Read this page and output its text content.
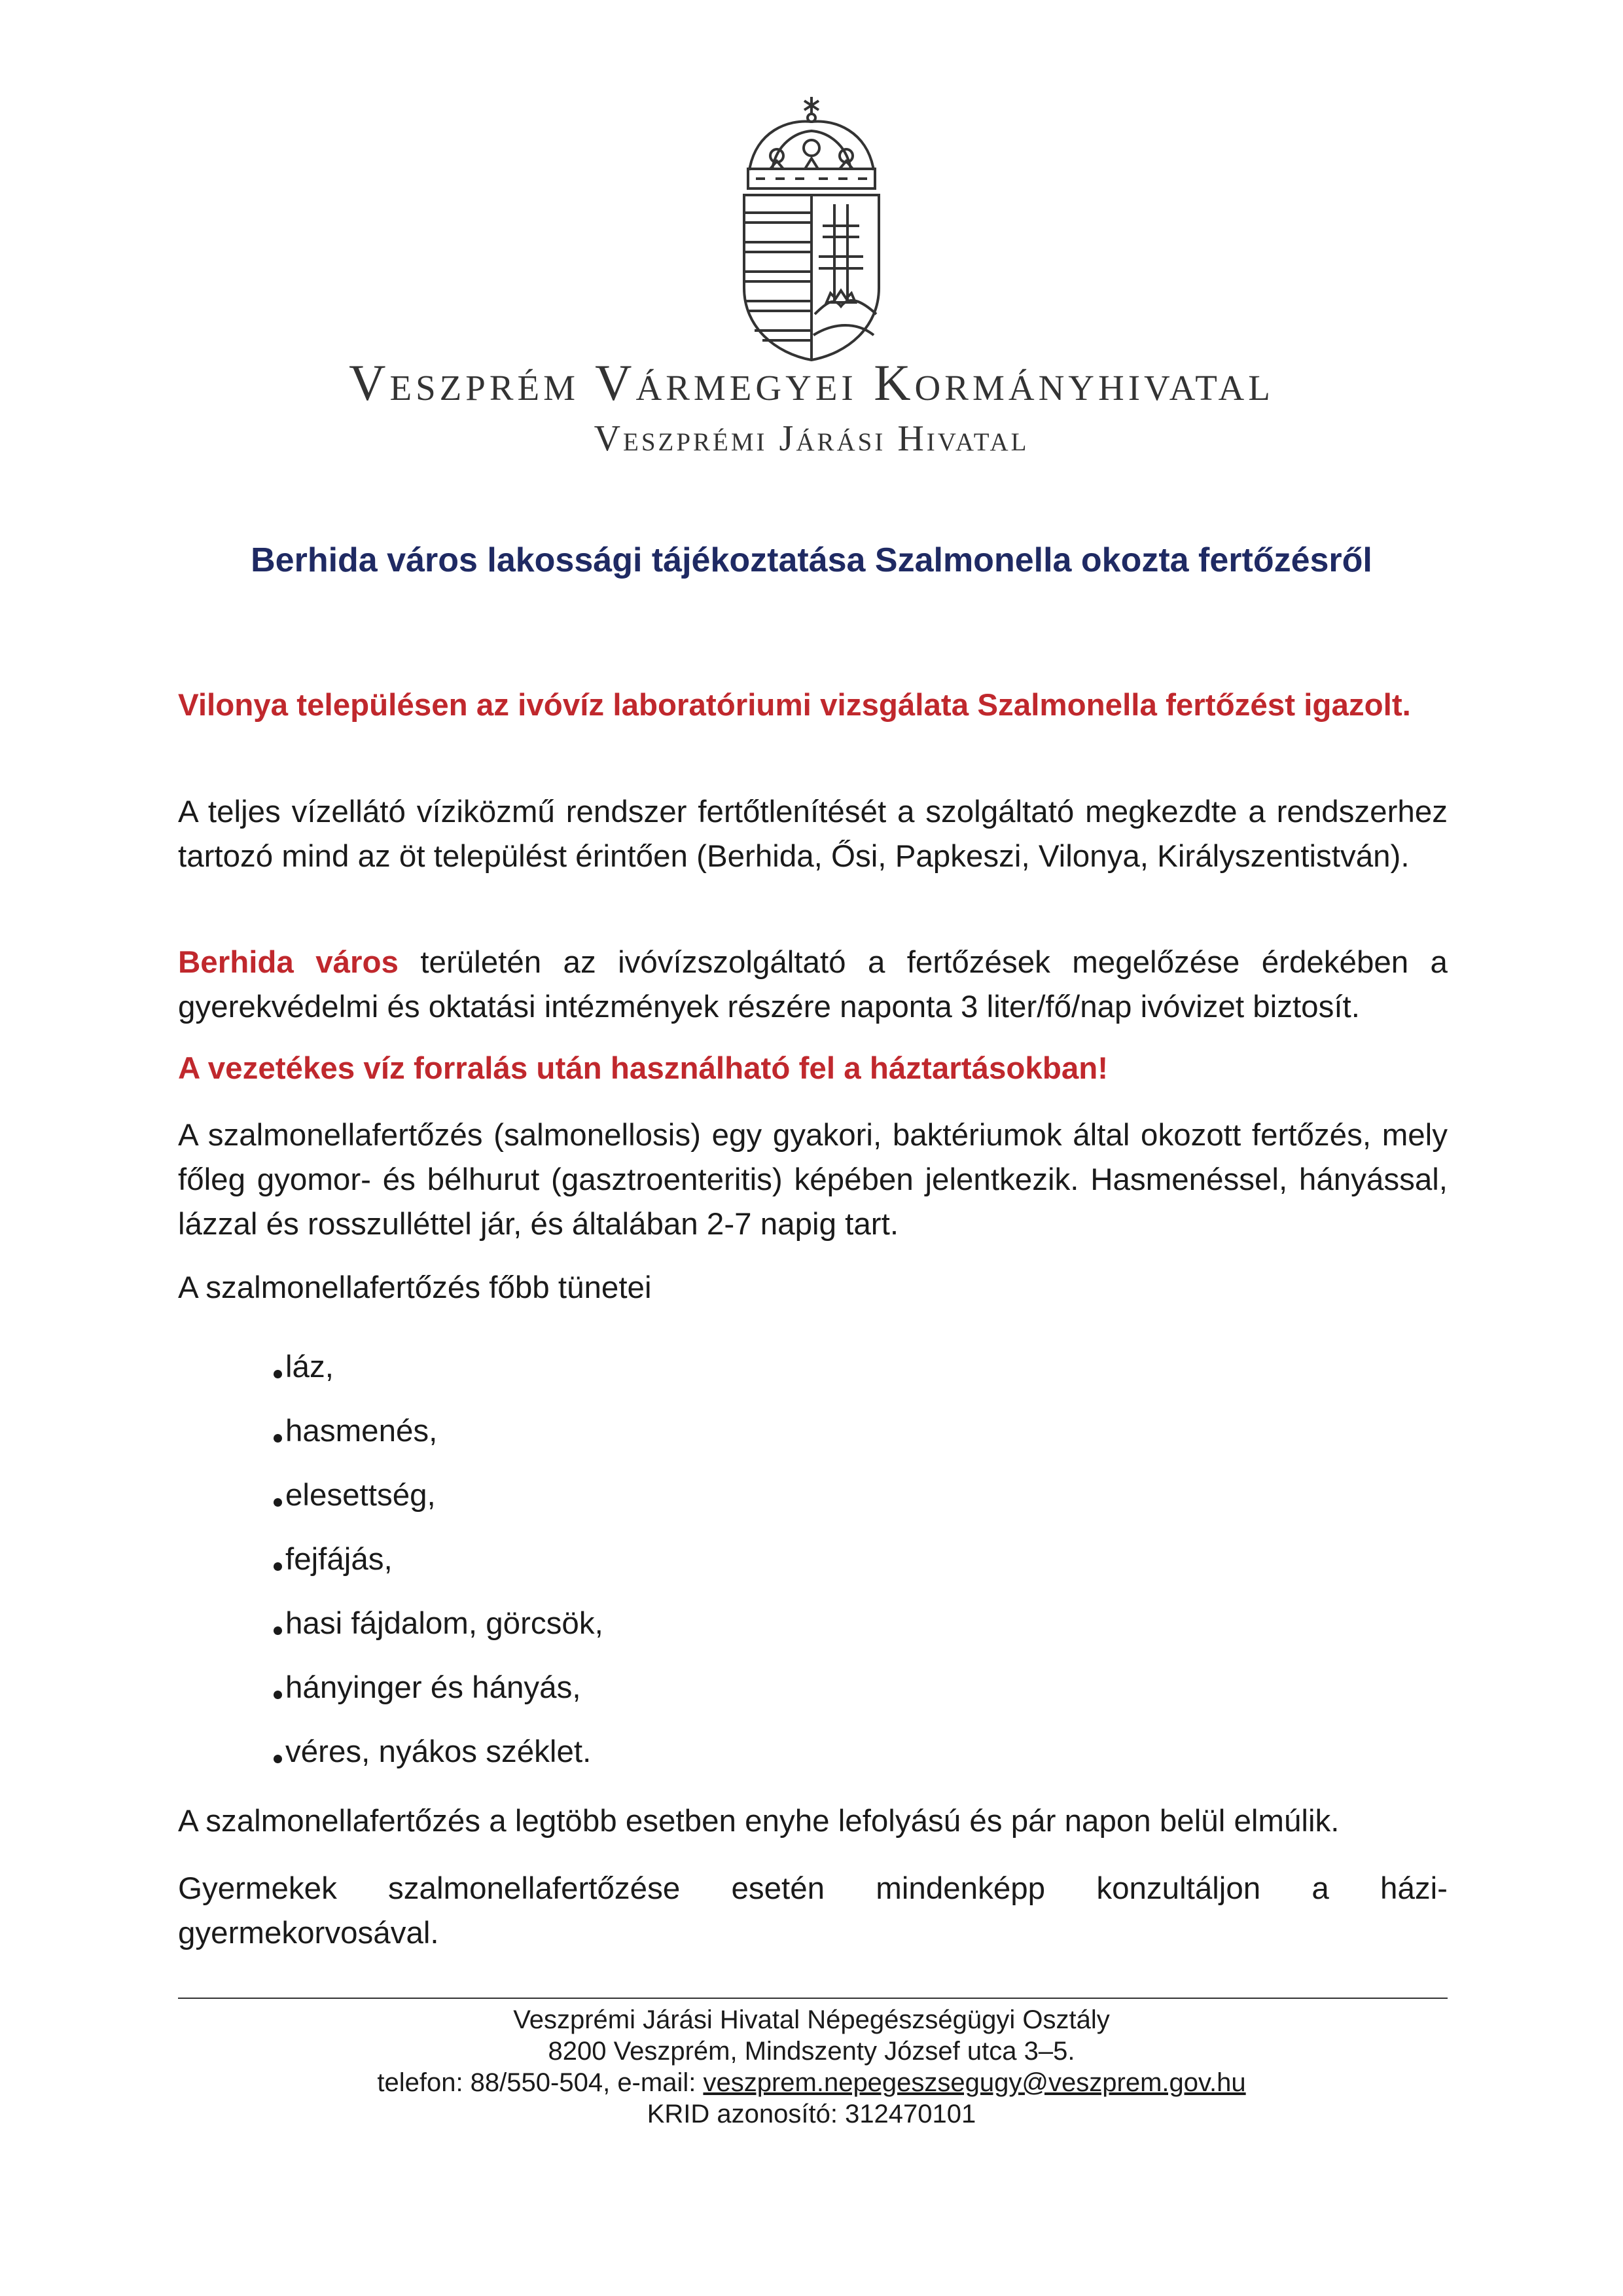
Veszprém Vármegyei Kormányhivatal
Veszprémi Járási Hivatal
Berhida város lakossági tájékoztatása Szalmonella okozta fertőzésről
Vilonya településen az ivóvíz laboratóriumi vizsgálata Szalmonella fertőzést igazolt.
A teljes vízellátó víziközmű rendszer fertőtlenítését a szolgáltató megkezdte a rendszerhez tartozó mind az öt települést érintően (Berhida, Ősi, Papkeszi, Vilonya, Királyszentistván).
Berhida város területén az ivóvízszolgáltató a fertőzések megelőzése érdekében a gyerekvédelmi és oktatási intézmények részére naponta 3 liter/fő/nap ivóvizet biztosít.
A vezetékes víz forralás után használható fel a háztartásokban!
A szalmonellafertőzés (salmonellosis) egy gyakori, baktériumok által okozott fertőzés, mely főleg gyomor- és bélhurut (gasztroenteritis) képében jelentkezik. Hasmenéssel, hányással, lázzal és rosszulléttel jár, és általában 2-7 napig tart.
A szalmonellafertőzés főbb tünetei
láz,
hasmenés,
elesettség,
fejfájás,
hasi fájdalom, görcsök,
hányinger és hányás,
véres, nyákos széklet.
A szalmonellafertőzés a legtöbb esetben enyhe lefolyású és pár napon belül elmúlik.
Gyermekek szalmonellafertőzése esetén mindenképp konzultáljon a házi-gyermekorvosával.
Veszprémi Járási Hivatal Népegészségügyi Osztály
8200 Veszprém, Mindszenty József utca 3–5.
telefon: 88/550-504, e-mail: veszprem.nepegeszsegugy@veszprem.gov.hu
KRID azonosító: 312470101
